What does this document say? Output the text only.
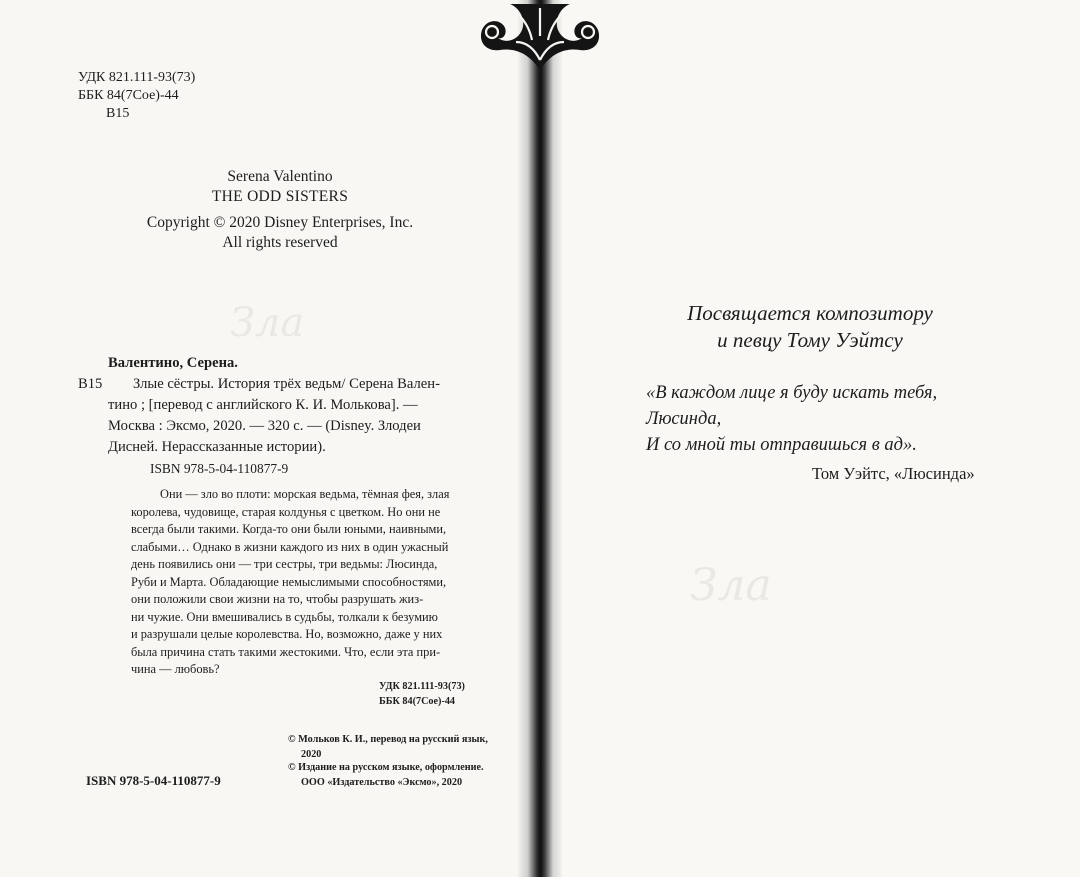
Зла
Зла
УДК 821.111-93(73)
ББК 84(7Сое)-44
В15
Serena Valentino
THE ODD SISTERS
Copyright © 2020 Disney Enterprises, Inc.
All rights reserved
Валентино, Серена.
В15 Злые сёстры. История трёх ведьм/ Серена Вален-
тино ; [перевод с английского К. И. Молькова]. —
Москва : Эксмо, 2020. — 320 с. — (Disney. Злодеи
Дисней. Нерассказанные истории).
ISBN 978-5-04-110877-9
Они — зло во плоти: морская ведьма, тёмная фея, злая
королева, чудовище, старая колдунья с цветком. Но они не
всегда были такими. Когда-то они были юными, наивными,
слабыми… Однако в жизни каждого из них в один ужасный
день появились они — три сестры, три ведьмы: Люсинда,
Руби и Марта. Обладающие немыслимыми способностями,
они положили свои жизни на то, чтобы разрушать жиз-
ни чужие. Они вмешивались в судьбы, толкали к безумию
и разрушали целые королевства. Но, возможно, даже у них
была причина стать такими жестокими. Что, если эта при-
чина — любовь?
УДК 821.111-93(73)
ББК 84(7Сое)-44
© Мольков К. И., перевод на русский язык,
2020
© Издание на русском языке, оформление.
ООО «Издательство «Эксмо», 2020
ISBN 978-5-04-110877-9
Посвящается композитору
и певцу Тому Уэйтсу
«В каждом лице я буду искать тебя,
Люсинда,
И со мной ты отправишься в ад».
Том Уэйтс, «Люсинда»
